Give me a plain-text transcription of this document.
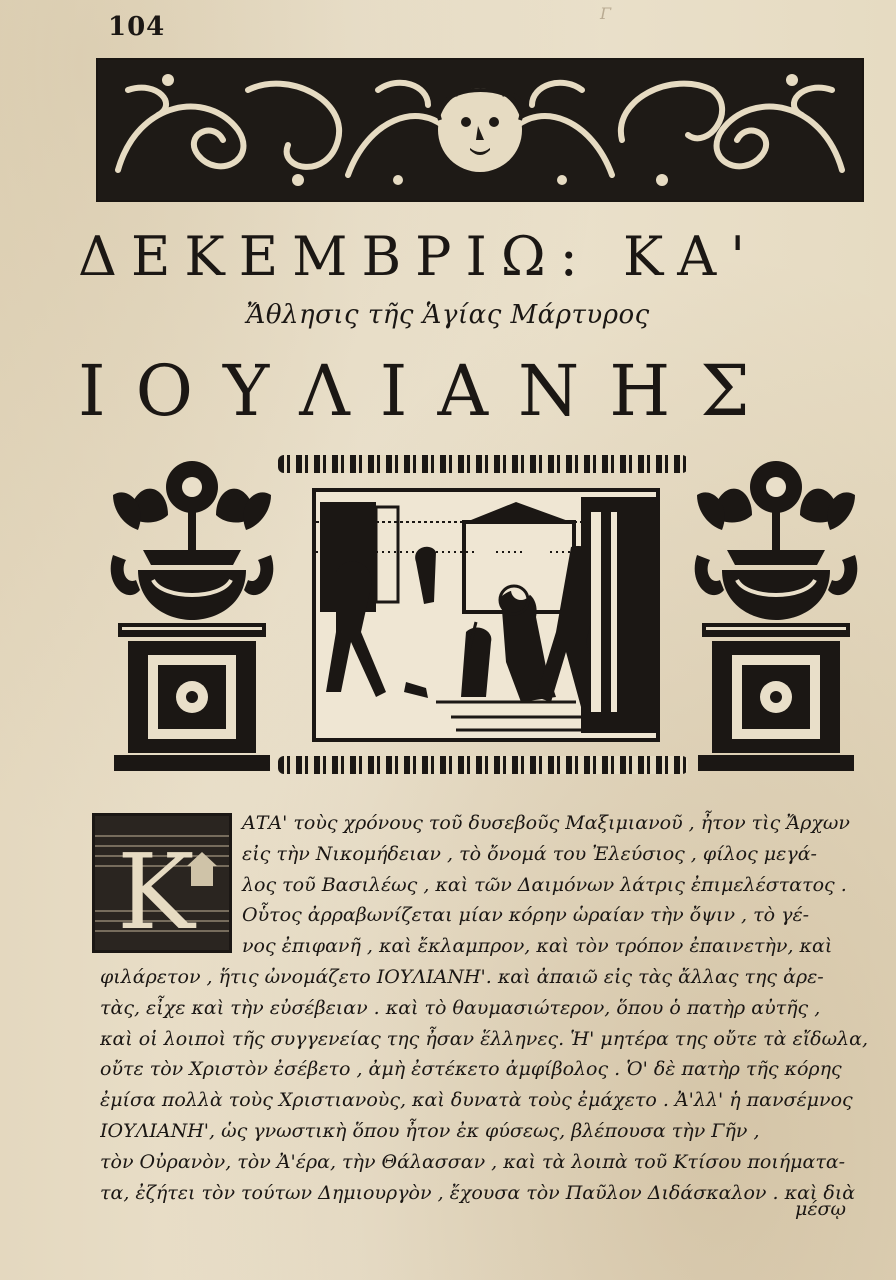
104	Γ
ΔΕΚΕΜΒΡΙΩ: ΚΑ'
Ἄθλησις τῆς Ἁγίας Μάρτυρος
ΙΟΥΛΙΑΝΗΣ
K
ΑΤΑ' τοὺς χρόνους τοῦ δυσεβοῦς Μαξιμιανοῦ , ἦτον τὶς Ἄρχων
εἰς τὴν Νικομήδειαν , τὸ ὄνομά του Ἐλεύσιος , φίλος μεγά-
λος τοῦ Βασιλέως , καὶ τῶν Δαιμόνων λάτρις ἐπιμελέστατος .
Οὗτος ἀρραβωνίζεται μίαν κόρην ὡραίαν τὴν ὄψιν , τὸ γέ-
νος ἐπιφανῆ , καὶ ἔκλαμπρον, καὶ τὸν τρόπον ἐπαινετὴν, καὶ
φιλάρετον , ἥτις ὠνομάζετο ΙΟΥΛΙΑΝΗ'. καὶ ἀπαιῶ εἰς τὰς ἄλλας της ἀρε-
τὰς, εἶχε καὶ τὴν εὐσέβειαν . καὶ τὸ θαυμασιώτερον, ὅπου ὁ πατὴρ αὐτῆς ,
καὶ οἱ λοιποὶ τῆς συγγενείας της ἦσαν ἕλληνες. Ἡ' μητέρα της οὔτε τὰ εἴδωλα,
οὔτε τὸν Χριστὸν ἐσέβετο , ἀμὴ ἐστέκετο ἀμφίβολος . Ὁ' δὲ πατὴρ τῆς κόρης
ἐμίσα πολλὰ τοὺς Χριστιανοὺς, καὶ δυνατὰ τοὺς ἐμάχετο . Ἀ'λλ' ἡ πανσέμνος
ΙΟΥΛΙΑΝΗ', ὡς γνωστικὴ ὅπου ἦτον ἐκ φύσεως, βλέπουσα τὴν Γῆν ,
τὸν Οὐρανὸν, τὸν Ἀ'έρα, τὴν Θάλασσαν , καὶ τὰ λοιπὰ τοῦ Κτίσου ποιήματα-
τα, ἐζήτει τὸν τούτων Δημιουργὸν , ἔχουσα τὸν Παῦλον Διδάσκαλον . καὶ διὰ
μέσῳ
